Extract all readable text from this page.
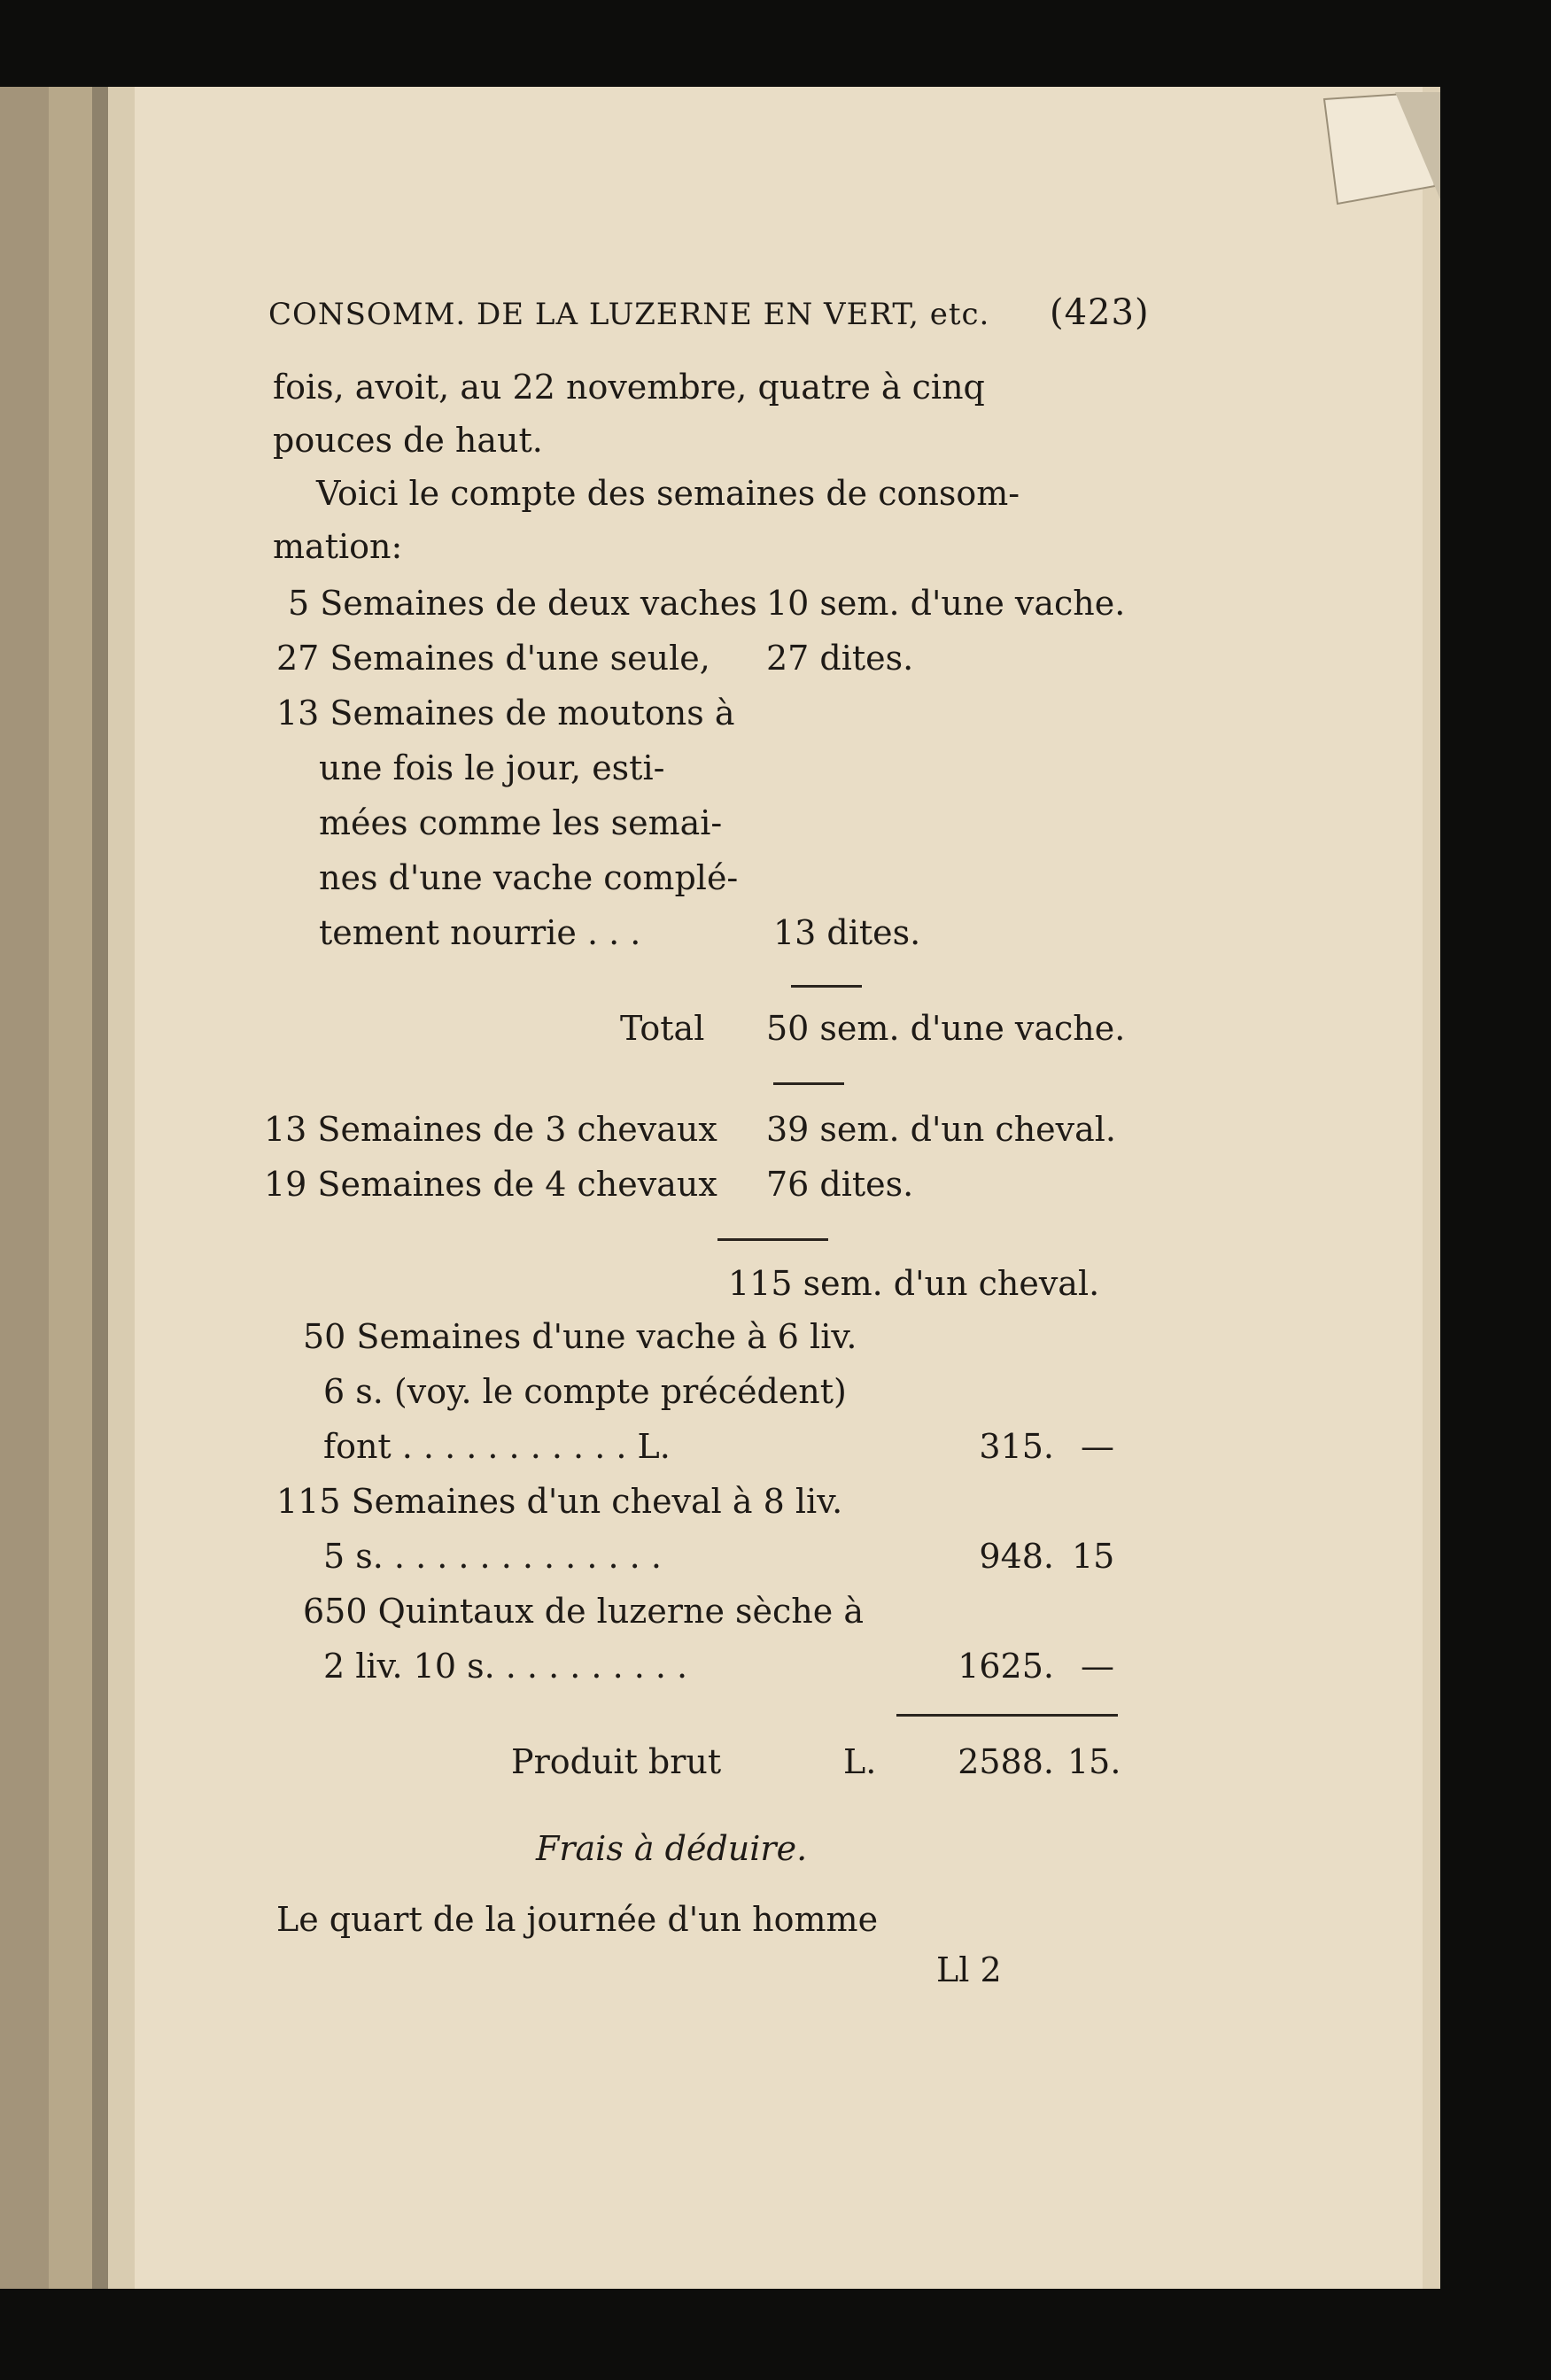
CONSOMM. DE LA LUZERNE EN VERT, etc. (423)
fois, avoit, au 22 novembre, quatre à cinq
pouces de haut.
Voici le compte des semaines de consom-
mation:
5 Semaines de deux vaches 10 sem. d'une vache.
27 Semaines d'une seule, 27 dites.
13 Semaines de moutons à
une fois le jour, esti-
mées comme les semai-
nes d'une vache complé-
tement nourrie . . .	13 dites.
Total 50 sem. d'une vache.
13 Semaines de 3 chevaux 39 sem. d'un cheval.
19 Semaines de 4 chevaux 76 dites.
115 sem. d'un cheval.
50 Semaines d'une vache à 6 liv.
6 s. (voy. le compte précédent)
font . . . . . . . . . . . L.	315. —
115 Semaines d'un cheval à 8 liv.
5 s. . . . . . . . . . . . . .	948. 15
650 Quintaux de luzerne sèche à
2 liv. 10 s. . . . . . . . . .	1625. —
Produit brut	L.	2588. 15.
Frais à déduire.
Le quart de la journée d'un homme
Ll 2
